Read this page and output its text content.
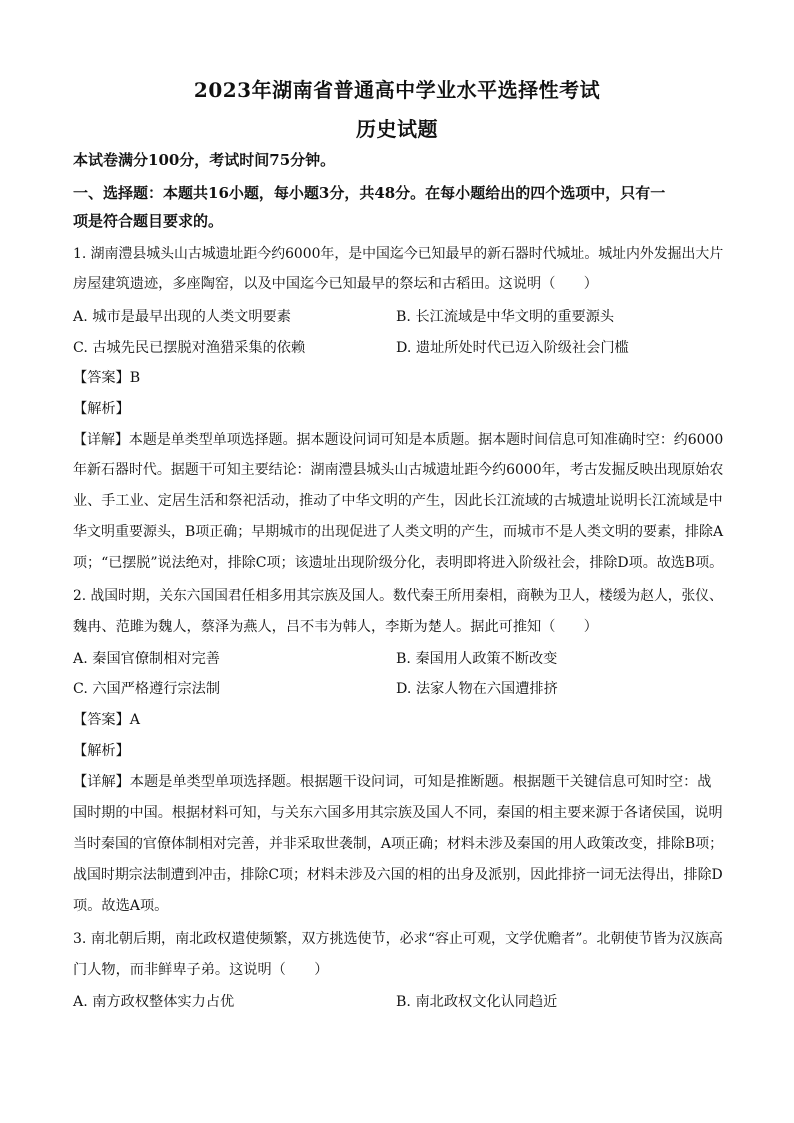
2023年湖南省普通高中学业水平选择性考试
历史试题
本试卷满分100分，考试时间75分钟。
一、选择题：本题共16小题，每小题3分，共48分。在每小题给出的四个选项中，只有一
项是符合题目要求的。
1. 湖南澧县城头山古城遗址距今约6000年，是中国迄今已知最早的新石器时代城址。城址内外发掘出大片
房屋建筑遗迹，多座陶窑，以及中国迄今已知最早的祭坛和古稻田。这说明（　　）
A. 城市是最早出现的人类文明要素	B. 长江流域是中华文明的重要源头
C. 古城先民已摆脱对渔猎采集的依赖	D. 遗址所处时代已迈入阶级社会门槛
【答案】B
【解析】
【详解】本题是单类型单项选择题。据本题设问词可知是本质题。据本题时间信息可知准确时空：约6000
年新石器时代。据题干可知主要结论：湖南澧县城头山古城遗址距今约6000年，考古发掘反映出现原始农
业、手工业、定居生活和祭祀活动，推动了中华文明的产生，因此长江流域的古城遗址说明长江流域是中
华文明重要源头，B项正确；早期城市的出现促进了人类文明的产生，而城市不是人类文明的要素，排除A
项；“已摆脱”说法绝对，排除C项；该遗址出现阶级分化，表明即将进入阶级社会，排除D项。故选B项。
2. 战国时期，关东六国国君任相多用其宗族及国人。数代秦王所用秦相，商鞅为卫人，楼缓为赵人，张仪、
魏冉、范雎为魏人，蔡泽为燕人，吕不韦为韩人，李斯为楚人。据此可推知（　　）
A. 秦国官僚制相对完善	B. 秦国用人政策不断改变
C. 六国严格遵行宗法制	D. 法家人物在六国遭排挤
【答案】A
【解析】
【详解】本题是单类型单项选择题。根据题干设问词，可知是推断题。根据题干关键信息可知时空：战
国时期的中国。根据材料可知，与关东六国多用其宗族及国人不同，秦国的相主要来源于各诸侯国，说明
当时秦国的官僚体制相对完善，并非采取世袭制，A项正确；材料未涉及秦国的用人政策改变，排除B项；
战国时期宗法制遭到冲击，排除C项；材料未涉及六国的相的出身及派别，因此排挤一词无法得出，排除D
项。故选A项。
3. 南北朝后期，南北政权遣使频繁，双方挑选使节，必求“容止可观，文学优赡者”。北朝使节皆为汉族高
门人物，而非鲜卑子弟。这说明（　　）
A. 南方政权整体实力占优	B. 南北政权文化认同趋近
